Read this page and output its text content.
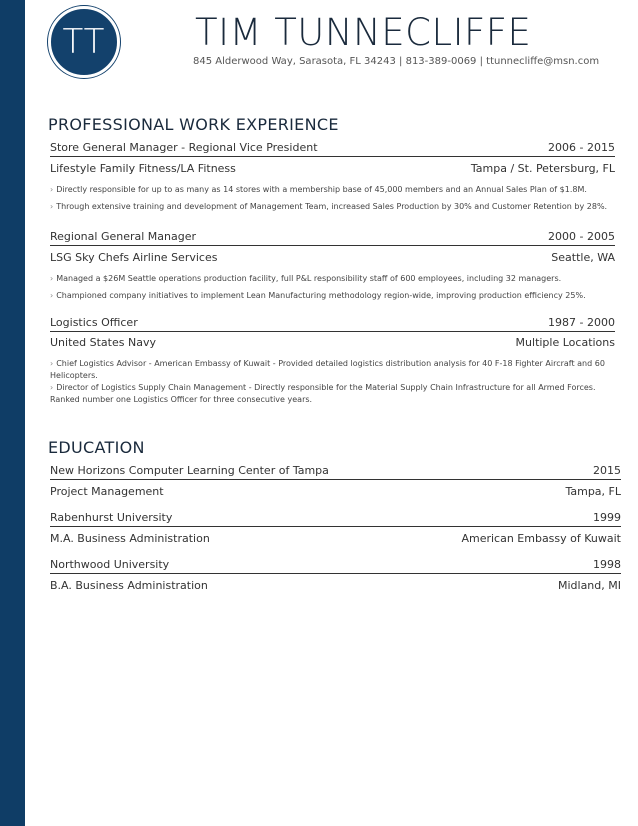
TT	TIM TUNNECLIFFE
845 Alderwood Way, Sarasota, FL 34243 | 813-389-0069 | ttunnecliffe@msn.com
PROFESSIONAL WORK EXPERIENCE
Store General Manager - Regional Vice President	2006 - 2015
Lifestyle Family Fitness/LA Fitness	Tampa / St. Petersburg, FL
› Directly responsible for up to as many as 14 stores with a membership base of 45,000 members and an Annual Sales Plan of $1.8M.
› Through extensive training and development of Management Team, increased Sales Production by 30% and Customer Retention by 28%.
Regional General Manager	2000 - 2005
LSG Sky Chefs Airline Services	Seattle, WA
› Managed a $26M Seattle operations production facility, full P&L responsibility staff of 600 employees, including 32 managers.
› Championed company initiatives to implement Lean Manufacturing methodology region-wide, improving production efficiency 25%.
Logistics Officer	1987 - 2000
United States Navy	Multiple Locations
› Chief Logistics Advisor - American Embassy of Kuwait - Provided detailed logistics distribution analysis for 40 F-18 Fighter Aircraft and 60 Helicopters.
› Director of Logistics Supply Chain Management - Directly responsible for the Material Supply Chain Infrastructure for all Armed Forces. Ranked number one Logistics Officer for three consecutive years.
EDUCATION
New Horizons Computer Learning Center of Tampa	2015
Project Management	Tampa, FL
Rabenhurst University	1999
M.A. Business Administration	American Embassy of Kuwait
Northwood University	1998
B.A. Business Administration	Midland, MI
